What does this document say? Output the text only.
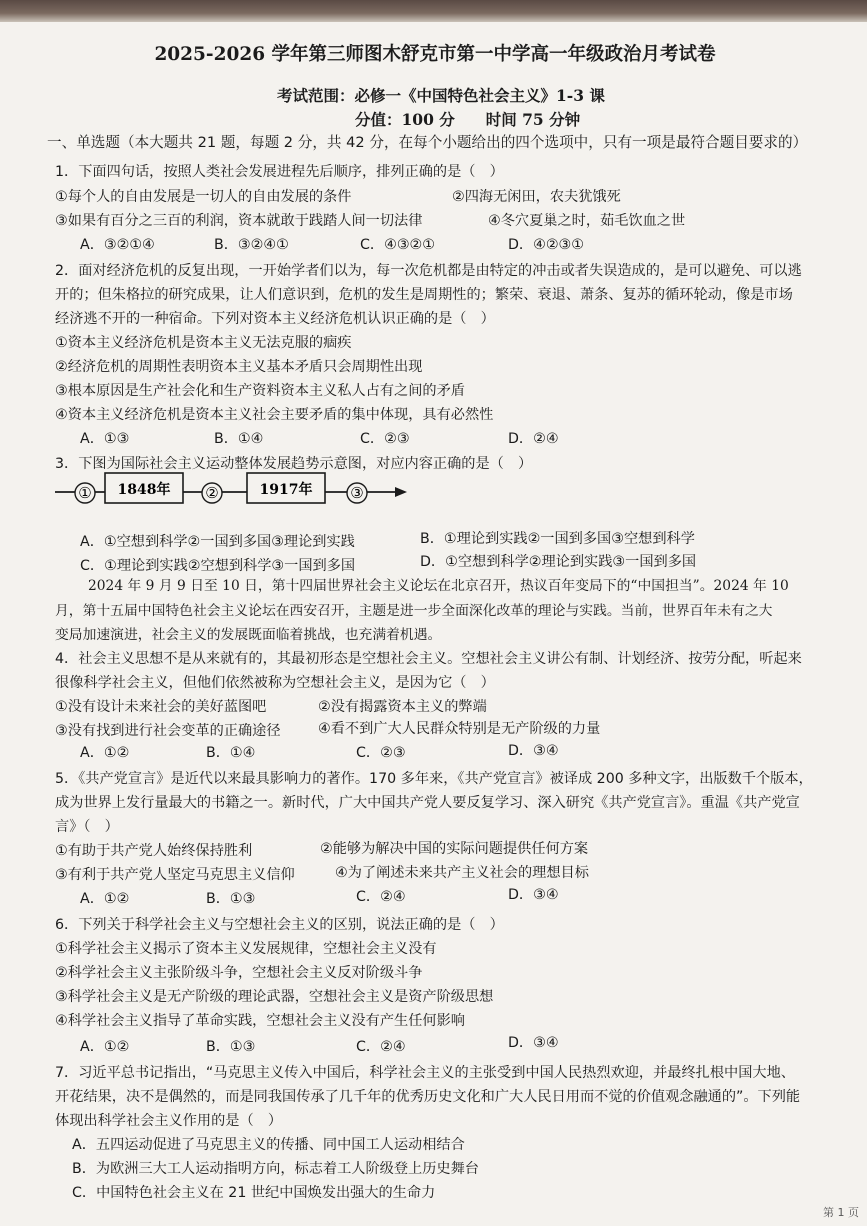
2025-2026 学年第三师图木舒克市第一中学高一年级政治月考试卷
考试范围：必修一《中国特色社会主义》1-3 课
分值：100 分　　时间 75 分钟
一、单选题（本大题共 21 题，每题 2 分，共 42 分，在每个小题给出的四个选项中，只有一项是最符合题目要求的）
1．下面四句话，按照人类社会发展进程先后顺序，排列正确的是（　）
①每个人的自由发展是一切人的自由发展的条件	②四海无闲田，农夫犹饿死
③如果有百分之三百的利润，资本就敢于践踏人间一切法律	④冬穴夏巢之时，茹毛饮血之世
A．③②①④	B．③②④①	C．④③②①	D．④②③①
2．面对经济危机的反复出现，一开始学者们以为，每一次危机都是由特定的冲击或者失误造成的，是可以避免、可以逃
开的；但朱格拉的研究成果，让人们意识到，危机的发生是周期性的；繁荣、衰退、萧条、复苏的循环轮动，像是市场
经济逃不开的一种宿命。下列对资本主义经济危机认识正确的是（　）
①资本主义经济危机是资本主义无法克服的痼疾
②经济危机的周期性表明资本主义基本矛盾只会周期性出现
③根本原因是生产社会化和生产资料资本主义私人占有之间的矛盾
④资本主义经济危机是资本主义社会主要矛盾的集中体现，具有必然性
A．①③	B．①④	C．②③	D．②④
3．下图为国际社会主义运动整体发展趋势示意图，对应内容正确的是（　）
① 1848年 ②	1917年	③
A．①空想到科学②一国到多国③理论到实践	B．①理论到实践②一国到多国③空想到科学
C．①理论到实践②空想到科学③一国到多国	D．①空想到科学②理论到实践③一国到多国
2024 年 9 月 9 日至 10 日，第十四届世界社会主义论坛在北京召开，热议百年变局下的“中国担当”。2024 年 10
月，第十五届中国特色社会主义论坛在西安召开，主题是进一步全面深化改革的理论与实践。当前，世界百年未有之大
变局加速演进，社会主义的发展既面临着挑战，也充满着机遇。
4．社会主义思想不是从来就有的，其最初形态是空想社会主义。空想社会主义讲公有制、计划经济、按劳分配，听起来
很像科学社会主义，但他们依然被称为空想社会主义，是因为它（　）
①没有设计未来社会的美好蓝图吧	②没有揭露资本主义的弊端
③没有找到进行社会变革的正确途径	④看不到广大人民群众特别是无产阶级的力量
A．①②	B．①④	C．②③	D．③④
5．《共产党宣言》是近代以来最具影响力的著作。170 多年来，《共产党宣言》被译成 200 多种文字，出版数千个版本，
成为世界上发行量最大的书籍之一。新时代，广大中国共产党人要反复学习、深入研究《共产党宣言》。重温《共产党宣
言》（　）
①有助于共产党人始终保持胜利	②能够为解决中国的实际问题提供任何方案
③有利于共产党人坚定马克思主义信仰	④为了阐述未来共产主义社会的理想目标
A．①②	B．①③	C．②④	D．③④
6．下列关于科学社会主义与空想社会主义的区别，说法正确的是（　）
①科学社会主义揭示了资本主义发展规律，空想社会主义没有
②科学社会主义主张阶级斗争，空想社会主义反对阶级斗争
③科学社会主义是无产阶级的理论武器，空想社会主义是资产阶级思想
④科学社会主义指导了革命实践，空想社会主义没有产生任何影响
A．①②	B．①③	C．②④	D．③④
7．习近平总书记指出，“马克思主义传入中国后，科学社会主义的主张受到中国人民热烈欢迎，并最终扎根中国大地、
开花结果，决不是偶然的，而是同我国传承了几千年的优秀历史文化和广大人民日用而不觉的价值观念融通的”。下列能
体现出科学社会主义作用的是（　）
A．五四运动促进了马克思主义的传播、同中国工人运动相结合
B．为欧洲三大工人运动指明方向，标志着工人阶级登上历史舞台
C．中国特色社会主义在 21 世纪中国焕发出强大的生命力
第 1 页
